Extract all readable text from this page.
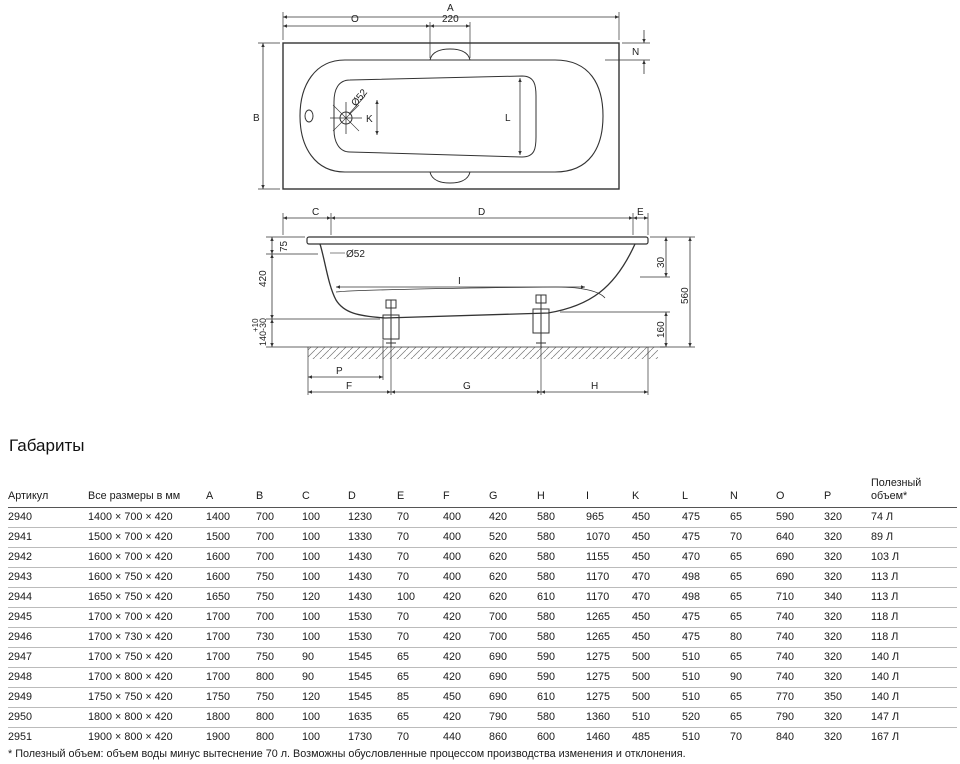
A
O	220
N
B	K	L
Ø52
C	D	E
75
420
Ø52
I
30
560
160
+10
140-30
P
F	G	H
Габариты
Артикул	Все размеры в мм	A	B	C	D	E	F	G	H	I	K	L	N	O	P	Полезный объем*
2940	1400 × 700 × 420	1400	700	100	1230	70	400	420	580	965	450	475	65	590	320	74 Л
2941	1500 × 700 × 420	1500	700	100	1330	70	400	520	580	1070	450	475	70	640	320	89 Л
2942	1600 × 700 × 420	1600	700	100	1430	70	400	620	580	1155	450	470	65	690	320	103 Л
2943	1600 × 750 × 420	1600	750	100	1430	70	400	620	580	1170	470	498	65	690	320	113 Л
2944	1650 × 750 × 420	1650	750	120	1430	100	420	620	610	1170	470	498	65	710	340	113 Л
2945	1700 × 700 × 420	1700	700	100	1530	70	420	700	580	1265	450	475	65	740	320	118 Л
2946	1700 × 730 × 420	1700	730	100	1530	70	420	700	580	1265	450	475	80	740	320	118 Л
2947	1700 × 750 × 420	1700	750	90	1545	65	420	690	590	1275	500	510	65	740	320	140 Л
2948	1700 × 800 × 420	1700	800	90	1545	65	420	690	590	1275	500	510	90	740	320	140 Л
2949	1750 × 750 × 420	1750	750	120	1545	85	450	690	610	1275	500	510	65	770	350	140 Л
2950	1800 × 800 × 420	1800	800	100	1635	65	420	790	580	1360	510	520	65	790	320	147 Л
2951	1900 × 800 × 420	1900	800	100	1730	70	440	860	600	1460	485	510	70	840	320	167 Л

* Полезный объем: объем воды минус вытеснение 70 л. Возможны обусловленные процессом производства изменения и отклонения.
